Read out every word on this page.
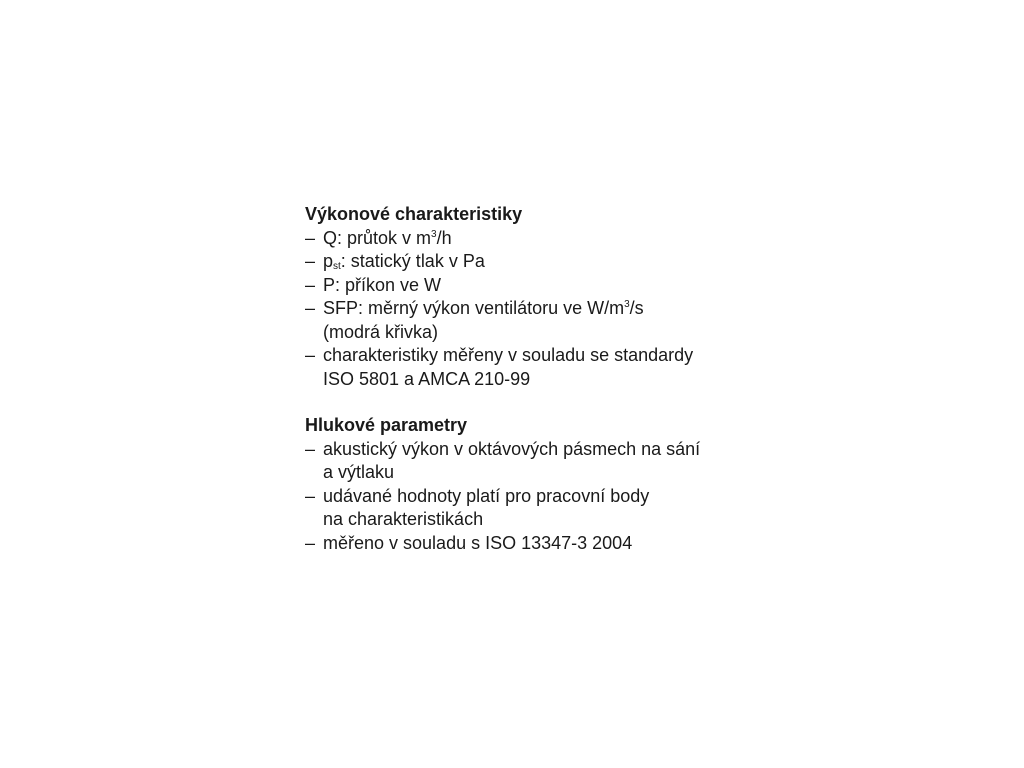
Výkonové charakteristiky
– Q: průtok v $m^3/h$
– $p_{st}$: statický tlak v Pa
– P: příkon ve W
– SFP: měrný výkon ventilátoru ve $W/m^3/s$
(modrá křivka)
– charakteristiky měřeny v souladu se standardy
ISO 5801 a AMCA 210-99
Hlukové parametry
– akustický výkon v oktávových pásmech na sání
a výtlaku
– udávané hodnoty platí pro pracovní body
na charakteristikách
– měřeno v souladu s ISO 13347-3 2004
